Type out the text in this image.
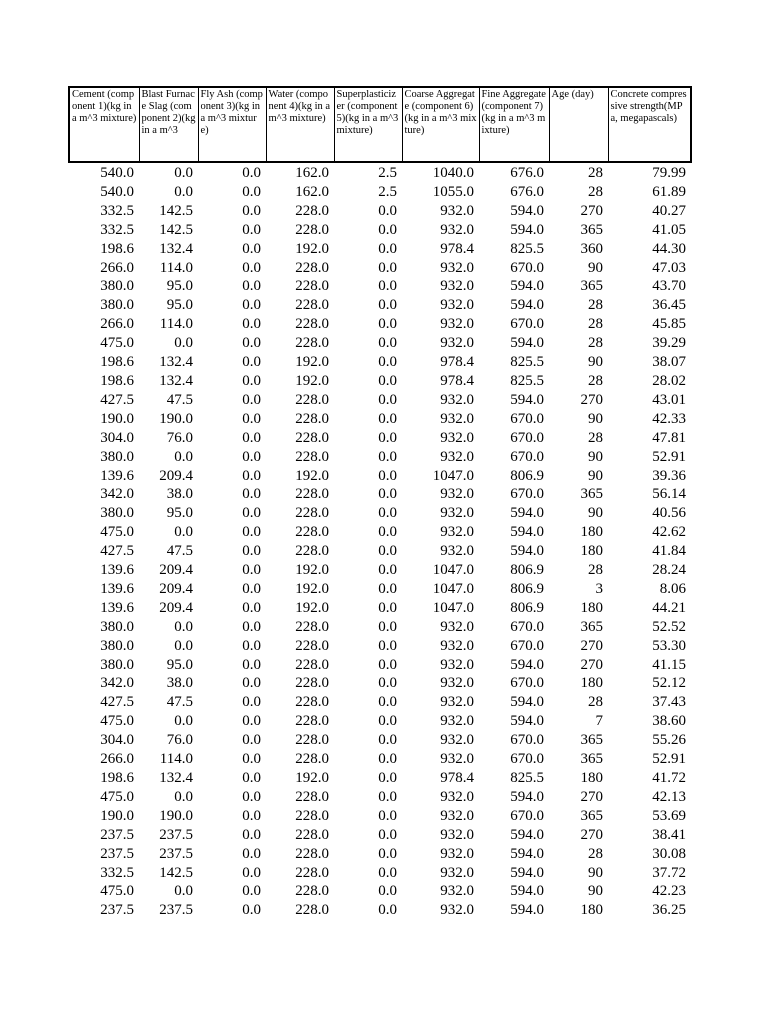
Cement (component 1)(kg in a m^3 mixture)	Blast Furnace Slag (component 2)(kg in a m^3	Fly Ash (component 3)(kg in a m^3 mixture)	Water (component 4)(kg in a m^3 mixture)	Superplasticizer (component 5)(kg in a m^3 mixture)	Coarse Aggregate (component 6)(kg in a m^3 mixture)	Fine Aggregate (component 7)(kg in a m^3 mixture)	Age (day)	Concrete compressive strength(MPa, megapascals)

540.0	0.0	0.0	162.0	2.5	1040.0	676.0	28	79.99
540.0	0.0	0.0	162.0	2.5	1055.0	676.0	28	61.89
332.5	142.5	0.0	228.0	0.0	932.0	594.0	270	40.27
332.5	142.5	0.0	228.0	0.0	932.0	594.0	365	41.05
198.6	132.4	0.0	192.0	0.0	978.4	825.5	360	44.30
266.0	114.0	0.0	228.0	0.0	932.0	670.0	90	47.03
380.0	95.0	0.0	228.0	0.0	932.0	594.0	365	43.70
380.0	95.0	0.0	228.0	0.0	932.0	594.0	28	36.45
266.0	114.0	0.0	228.0	0.0	932.0	670.0	28	45.85
475.0	0.0	0.0	228.0	0.0	932.0	594.0	28	39.29
198.6	132.4	0.0	192.0	0.0	978.4	825.5	90	38.07
198.6	132.4	0.0	192.0	0.0	978.4	825.5	28	28.02
427.5	47.5	0.0	228.0	0.0	932.0	594.0	270	43.01
190.0	190.0	0.0	228.0	0.0	932.0	670.0	90	42.33
304.0	76.0	0.0	228.0	0.0	932.0	670.0	28	47.81
380.0	0.0	0.0	228.0	0.0	932.0	670.0	90	52.91
139.6	209.4	0.0	192.0	0.0	1047.0	806.9	90	39.36
342.0	38.0	0.0	228.0	0.0	932.0	670.0	365	56.14
380.0	95.0	0.0	228.0	0.0	932.0	594.0	90	40.56
475.0	0.0	0.0	228.0	0.0	932.0	594.0	180	42.62
427.5	47.5	0.0	228.0	0.0	932.0	594.0	180	41.84
139.6	209.4	0.0	192.0	0.0	1047.0	806.9	28	28.24
139.6	209.4	0.0	192.0	0.0	1047.0	806.9	3	8.06
139.6	209.4	0.0	192.0	0.0	1047.0	806.9	180	44.21
380.0	0.0	0.0	228.0	0.0	932.0	670.0	365	52.52
380.0	0.0	0.0	228.0	0.0	932.0	670.0	270	53.30
380.0	95.0	0.0	228.0	0.0	932.0	594.0	270	41.15
342.0	38.0	0.0	228.0	0.0	932.0	670.0	180	52.12
427.5	47.5	0.0	228.0	0.0	932.0	594.0	28	37.43
475.0	0.0	0.0	228.0	0.0	932.0	594.0	7	38.60
304.0	76.0	0.0	228.0	0.0	932.0	670.0	365	55.26
266.0	114.0	0.0	228.0	0.0	932.0	670.0	365	52.91
198.6	132.4	0.0	192.0	0.0	978.4	825.5	180	41.72
475.0	0.0	0.0	228.0	0.0	932.0	594.0	270	42.13
190.0	190.0	0.0	228.0	0.0	932.0	670.0	365	53.69
237.5	237.5	0.0	228.0	0.0	932.0	594.0	270	38.41
237.5	237.5	0.0	228.0	0.0	932.0	594.0	28	30.08
332.5	142.5	0.0	228.0	0.0	932.0	594.0	90	37.72
475.0	0.0	0.0	228.0	0.0	932.0	594.0	90	42.23
237.5	237.5	0.0	228.0	0.0	932.0	594.0	180	36.25
